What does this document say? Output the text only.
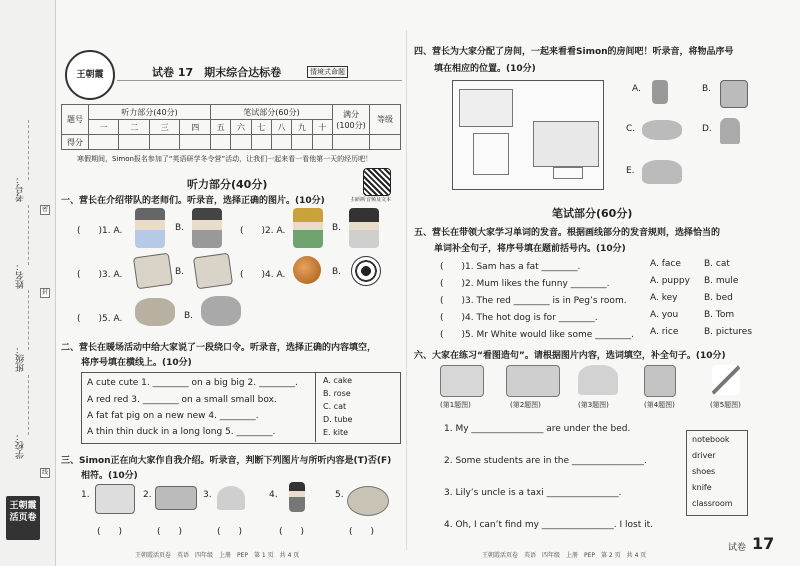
考号：
姓名：
班级：
学校：
密
封
线
王朝霞 活页卷
王朝霞	试卷 17　期末综合达标卷	情境式命题
题号	听力部分(40分)				笔试部分(60分)						满分 (100分)	等级
	一	二	三	四	五	六	七	八	九	十		
得分												
寒假期间，Simon报名参加了“英语研学冬令营”活动，让我们一起来看一看他第一天的经历吧！
扫码听音频及文本
听力部分(40分)
一、营长在介绍带队的老师们。听录音，选择正确的图片。(10分)
(　　)1. A.	B.	(　　)2. A.	B.
(　　)3. A.	B.	(　　)4. A.	B.
(　　)5. A.	B.
二、营长在暖场活动中给大家说了一段绕口令。听录音，选择正确的内容填空，
将序号填在横线上。(10分)
A cute cute 1. ________ on a big big 2. ________.
A red red 3. ________ on a small small box.
A fat fat pig on a new new 4. ________.
A thin thin duck in a long long 5. ________.
A. cake
B. rose
C. cat
D. tube
E. kite
三、Simon正在向大家作自我介绍。听录音，判断下列图片与所听内容是(T)否(F)
相符。(10分)
1.	2.	3.	4.	5.
(　　)	(　　)	(　　)	(　　)	(　　)
王朝霞活页卷　英语　四年级　上册　PEP　第 1 页　共 4 页
四、营长为大家分配了房间，一起来看看Simon的房间吧！听录音，将物品序号
填在相应的位置。(10分)
A.	B.
C.	D.
E.
笔试部分(60分)
五、营长在带领大家学习单词的发音。根据画线部分的发音规则，选择恰当的
单词补全句子，将序号填在题前括号内。(10分)
(　　)1. Sam has a fat ________.	A. face	B. cat
(　　)2. Mum likes the funny ________.	A. puppy B. mule
(　　)3. The red ________ is in Peg’s room.	A. key	B. bed
(　　)4. The hot dog is for ________.	A. you	B. Tom
(　　)5. Mr White would like some ________. A. rice	B. pictures
六、大家在练习“看图造句”。请根据图片内容，选词填空，补全句子。(10分)
(第1题图)	(第2题图)	(第3题图)	(第4题图)	(第5题图)
1. My ________________ are under the bed.
2. Some students are in the ________________.
3. Lily’s uncle is a taxi ________________.
4. Oh, I can’t find my ________________. I lost it.
notebook
driver
shoes
knife
classroom
王朝霞活页卷　英语　四年级　上册　PEP　第 2 页　共 4 页
试卷 17
